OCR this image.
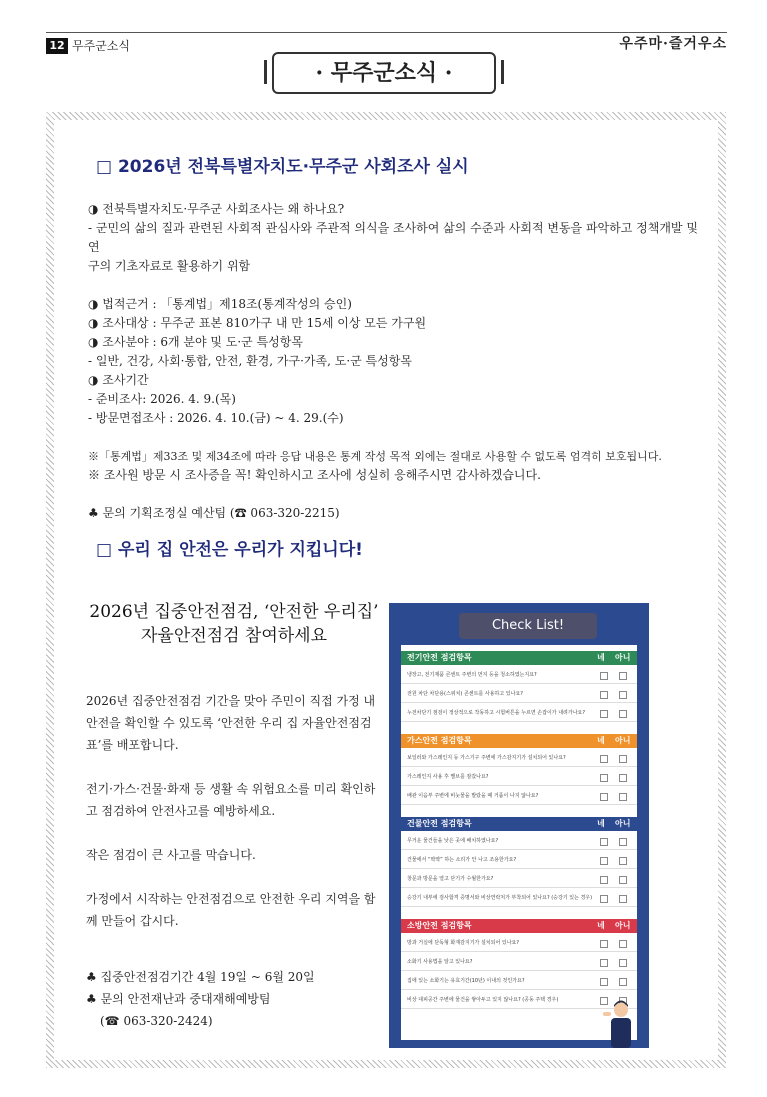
12 무주군소식	우주마·즐거우소
· 무주군소식 ·
□ 2026년 전북특별자치도·무주군 사회조사 실시

◑ 전북특별자치도·무주군 사회조사는 왜 하나요?

- 군민의 삶의 질과 관련된 사회적 관심사와 주관적 의식을 조사하여 삶의 수준과 사회적 변동을 파악하고 정책개발 및 연

구의 기초자료로 활용하기 위함

◑ 법적근거 : 「통계법」제18조(통계작성의 승인)

◑ 조사대상 : 무주군 표본 810가구 내 만 15세 이상 모든 가구원

◑ 조사분야 : 6개 분야 및 도·군 특성항목

- 일반, 건강, 사회·통합, 안전, 환경, 가구·가족, 도·군 특성항목

◑ 조사기간

- 준비조사: 2026. 4. 9.(목)

- 방문면접조사 : 2026. 4. 10.(금) ~ 4. 29.(수)

※「통계법」제33조 및 제34조에 따라 응답 내용은 통계 작성 목적 외에는 절대로 사용할 수 없도록 엄격히 보호됩니다.

※ 조사원 방문 시 조사증을 꼭! 확인하시고 조사에 성실히 응해주시면 감사하겠습니다.

♣ 문의 기획조정실 예산팀 (☎ 063-320-2215)

□ 우리 집 안전은 우리가 지킵니다!
2026년 집중안전점검, ‘안전한 우리집’
자율안전점검 참여하세요

2026년 집중안전점검 기간을 맞아 주민이 직접 가정 내 안전을 확인할 수 있도록 ‘안전한 우리 집 자율안전점검표’를 배포합니다.

전기·가스·건물·화재 등 생활 속 위험요소를 미리 확인하고 점검하여 안전사고를 예방하세요.

작은 점검이 큰 사고를 막습니다.

가정에서 시작하는 안전점검으로 안전한 우리 지역을 함께 만들어 갑시다.

♣ 집중안전점검기간 4월 19일 ~ 6월 20일

♣ 문의 안전재난과 중대재해예방팀

(☎ 063-320-2424)

Check List!
전기안전 점검항목	네 아니오
냉장고, 전기제품 콘센트 주변의 먼지 등을 청소하였는지요?
전원 차단 차단용(스위치) 콘센트를 사용하고 있나요?
누전차단기 점검이 정상적으로 작동하고 시험버튼을 누르면 손잡이가 내려가나요?
가스안전 점검항목	네 아니오
보일러와 가스레인지 등 가스기구 주변에 가스감지기가 설치되어 있나요?
가스레인지 사용 후 밸브를 잠갔나요?
배관 이음부 주변에 비눗물을 발랐을 때 거품이 나지 않나요?
건물안전 점검항목	네 아니오
무거운 물건들을 낮은 곳에 배치하였나요?
건물에서 “딱딱” 하는 소리가 안 나고 조용한가요?
창문과 방문을 열고 닫기가 수월한가요?
승강기 내부에 검사합격 증명서와 비상연락처가 부착되어 있나요? (승강기 있는 경우)
소방안전 점검항목	네 아니오
방과 거실에 단독형 화재감지기가 설치되어 있나요?
소화기 사용법을 알고 있나요?
집에 있는 소화기는 유효기간(10년) 이내의 것인가요?
비상 대피공간 주변에 물건을 쌓아두고 있지 않나요? (공동 주택 경우)
